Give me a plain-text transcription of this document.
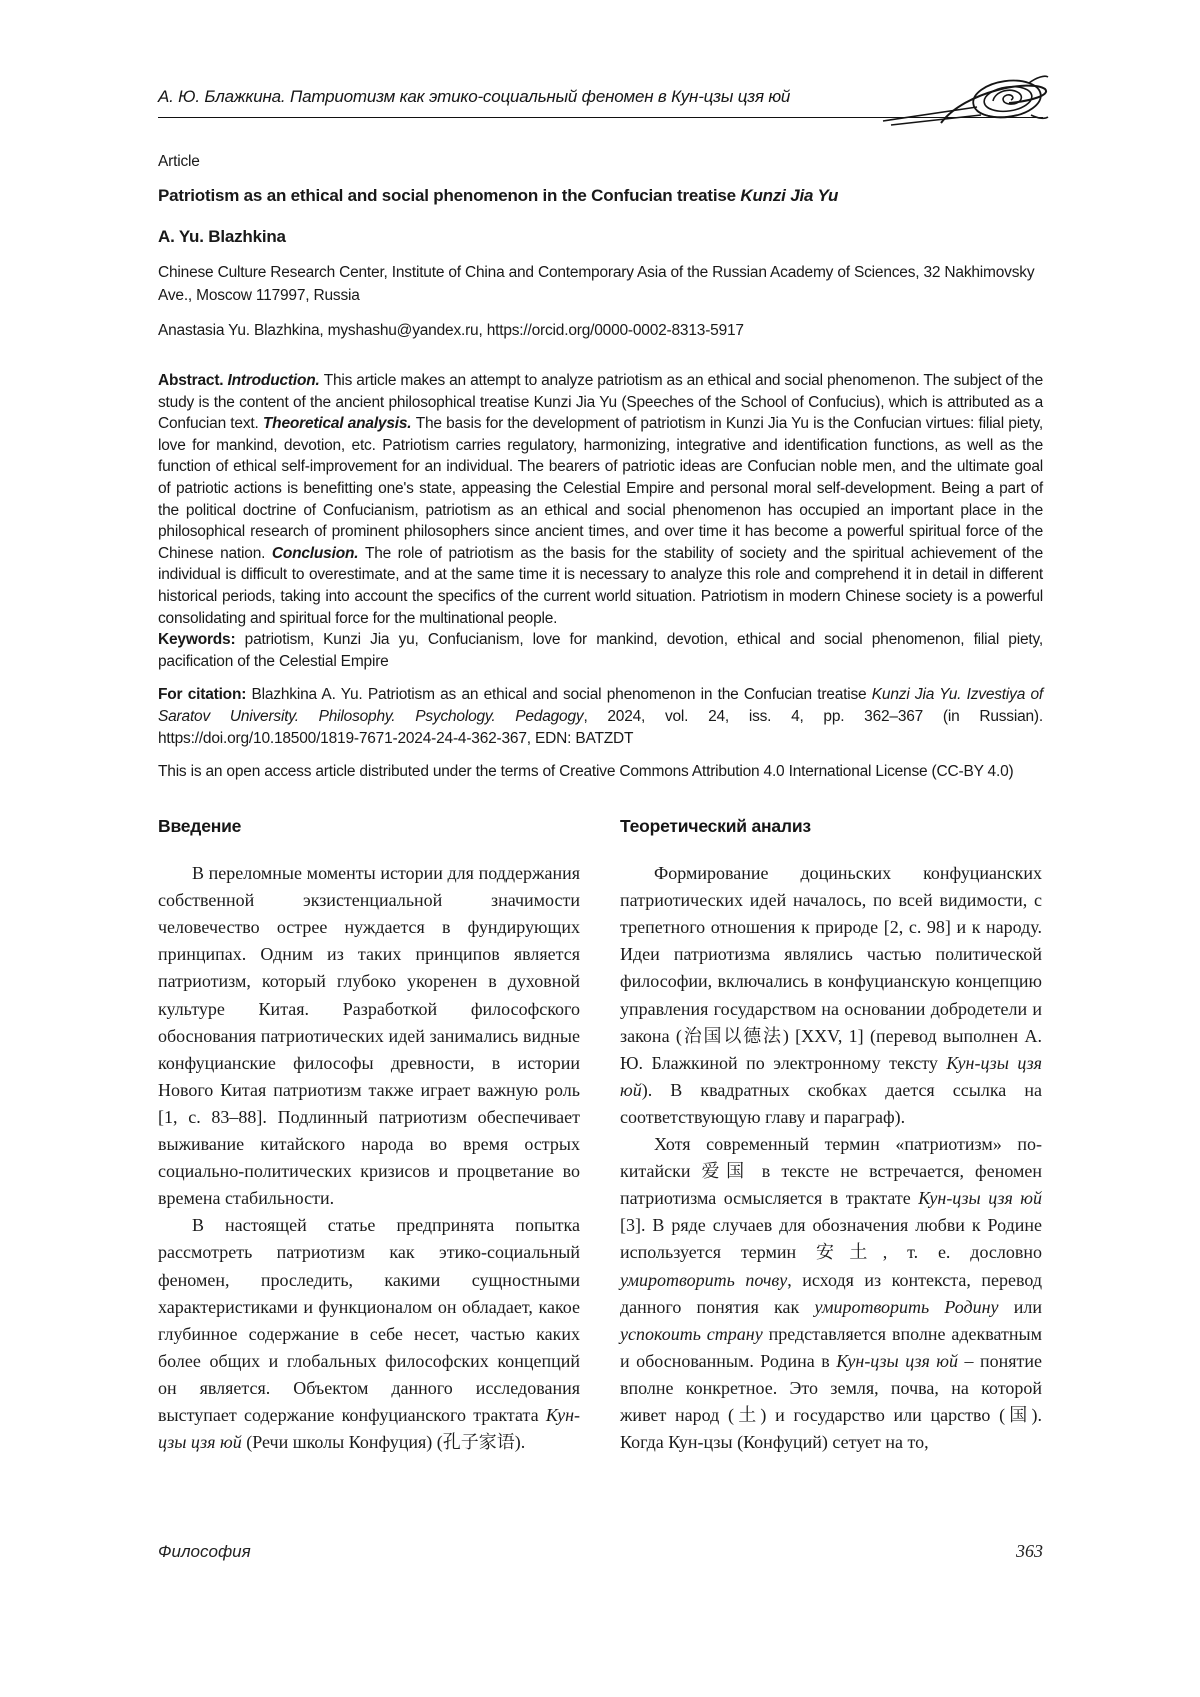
А. Ю. Блажкина. Патриотизм как этико-социальный феномен в Кун-цзы цзя юй
Article
Patriotism as an ethical and social phenomenon in the Confucian treatise Kunzi Jia Yu
A. Yu. Blazhkina
Chinese Culture Research Center, Institute of China and Contemporary Asia of the Russian Academy of Sciences, 32 Nakhimovsky Ave., Moscow 117997, Russia
Anastasia Yu. Blazhkina, myshashu@yandex.ru, https://orcid.org/0000-0002-8313-5917
Abstract. Introduction. This article makes an attempt to analyze patriotism as an ethical and social phenomenon. The subject of the study is the content of the ancient philosophical treatise Kunzi Jia Yu (Speeches of the School of Confucius), which is attributed as a Confucian text. Theoretical analysis. The basis for the development of patriotism in Kunzi Jia Yu is the Confucian virtues: filial piety, love for mankind, devotion, etc. Patriotism carries regulatory, harmonizing, integrative and identification functions, as well as the function of ethical self-improvement for an individual. The bearers of patriotic ideas are Confucian noble men, and the ultimate goal of patriotic actions is benefitting one's state, appeasing the Celestial Empire and personal moral self-development. Being a part of the political doctrine of Confucianism, patriotism as an ethical and social phenomenon has occupied an important place in the philosophical research of prominent philosophers since ancient times, and over time it has become a powerful spiritual force of the Chinese nation. Conclusion. The role of patriotism as the basis for the stability of society and the spiritual achievement of the individual is difficult to overestimate, and at the same time it is necessary to analyze this role and comprehend it in detail in different historical periods, taking into account the specifics of the current world situation. Patriotism in modern Chinese society is a powerful consolidating and spiritual force for the multinational people.
Keywords: patriotism, Kunzi Jia yu, Confucianism, love for mankind, devotion, ethical and social phenomenon, filial piety, pacification of the Celestial Empire
For citation: Blazhkina A. Yu. Patriotism as an ethical and social phenomenon in the Confucian treatise Kunzi Jia Yu. Izvestiya of Saratov University. Philosophy. Psychology. Pedagogy, 2024, vol. 24, iss. 4, pp. 362–367 (in Russian). https://doi.org/10.18500/1819-7671-2024-24-4-362-367, EDN: BATZDT
This is an open access article distributed under the terms of Creative Commons Attribution 4.0 International License (CC-BY 4.0)
Введение

В переломные моменты истории для поддержания собственной экзистенциальной значимости человечество острее нуждается в фундирующих принципах. Одним из таких принципов является патриотизм, который глубоко укоренен в духовной культуре Китая. Разработкой философского обоснования патриотических идей занимались видные конфуцианские философы древности, в истории Нового Китая патриотизм также играет важную роль [1, с. 83–88]. Подлинный патриотизм обеспечивает выживание китайского народа во время острых социально-политических кризисов и процветание во времена стабильности.

В настоящей статье предпринята попытка рассмотреть патриотизм как этико-социальный феномен, проследить, какими сущностными характеристиками и функционалом он обладает, какое глубинное содержание в себе несет, частью каких более общих и глобальных философских концепций он является. Объектом данного исследования выступает содержание конфуцианского трактата Кун-цзы цзя юй (Речи школы Конфуция) (孔子家语).

Теоретический анализ

Формирование доциньских конфуцианских патриотических идей началось, по всей видимости, с трепетного отношения к природе [2, с. 98] и к народу. Идеи патриотизма являлись частью политической философии, включались в конфуцианскую концепцию управления государством на основании добродетели и закона (治国以德法) [XXV, 1] (перевод выполнен А. Ю. Блажкиной по электронному тексту Кун-цзы цзя юй). В квадратных скобках дается ссылка на соответствующую главу и параграф).

Хотя современный термин «патриотизм» по-китайски 爱国 в тексте не встречается, феномен патриотизма осмысляется в трактате Кун-цзы цзя юй [3]. В ряде случаев для обозначения любви к Родине используется термин 安土, т. е. дословно умиротворить почву, исходя из контекста, перевод данного понятия как умиротворить Родину или успокоить страну представляется вполне адекватным и обоснованным. Родина в Кун-цзы цзя юй – понятие вполне конкретное. Это земля, почва, на которой живет народ (土) и государство или царство (国). Когда Кун-цзы (Конфуций) сетует на то,

Философия	363
